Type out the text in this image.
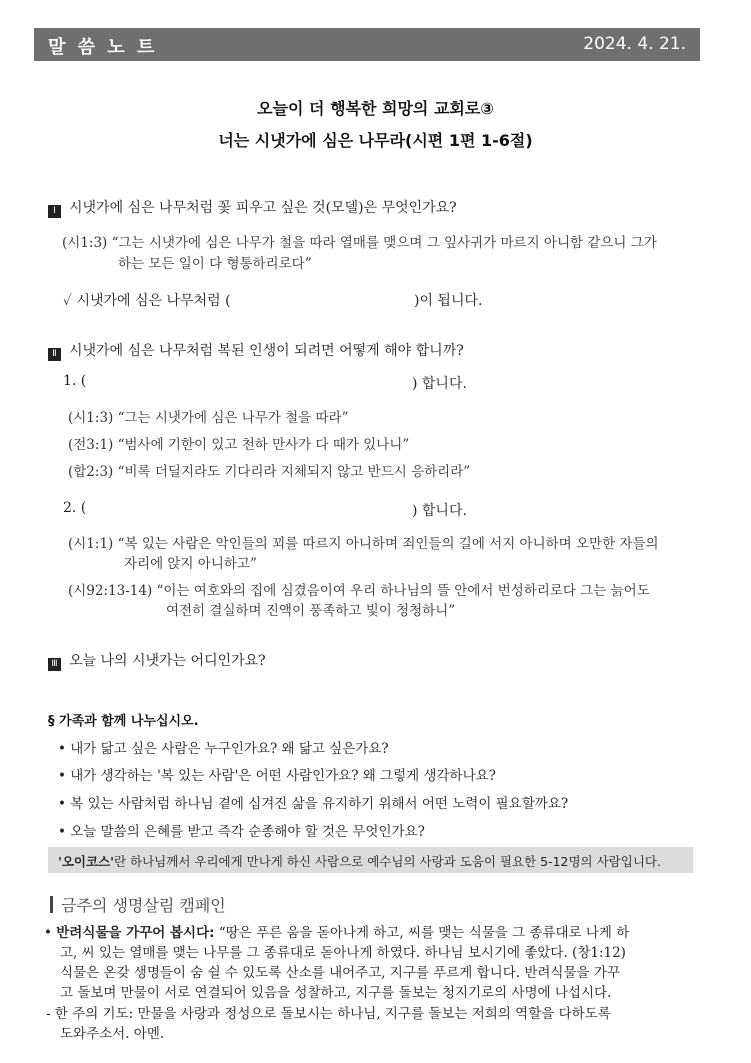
말 씀 노 트	2024. 4. 21.
오늘이 더 행복한 희망의 교회로③
너는 시냇가에 심은 나무라(시편 1편 1-6절)
Ⅰ 시냇가에 심은 나무처럼 꽃 피우고 싶은 것(모델)은 무엇인가요?
(시1:3) “그는 시냇가에 심은 나무가 철을 따라 열매를 맺으며 그 잎사귀가 마르지 아니함 같으니 그가
하는 모든 일이 다 형통하리로다”
✓ 시냇가에 심은 나무처럼 (	)이 됩니다.
Ⅱ 시냇가에 심은 나무처럼 복된 인생이 되려면 어떻게 해야 합니까?
1. (	) 합니다.
(시1:3) “그는 시냇가에 심은 나무가 철을 따라”
(전3:1) “범사에 기한이 있고 천하 만사가 다 때가 있나니”
(합2:3) “비록 더딜지라도 기다리라 지체되지 않고 반드시 응하리라”
2. (	) 합니다.
(시1:1) “복 있는 사람은 악인들의 꾀를 따르지 아니하며 죄인들의 길에 서지 아니하며 오만한 자들의
자리에 앉지 아니하고”
(시92:13-14) “이는 여호와의 집에 심겼음이여 우리 하나님의 뜰 안에서 번성하리로다 그는 늙어도
여전히 결실하며 진액이 풍족하고 빛이 청청하니”
Ⅲ 오늘 나의 시냇가는 어디인가요?
§ 가족과 함께 나누십시오.
• 내가 닮고 싶은 사람은 누구인가요? 왜 닮고 싶은가요?
• 내가 생각하는 '복 있는 사람'은 어떤 사람인가요? 왜 그렇게 생각하나요?
• 복 있는 사람처럼 하나님 곁에 심겨진 삶을 유지하기 위해서 어떤 노력이 필요할까요?
• 오늘 말씀의 은혜를 받고 즉각 순종해야 할 것은 무엇인가요?
'오이코스'란 하나님께서 우리에게 만나게 하신 사람으로 예수님의 사랑과 도움이 필요한 5-12명의 사람입니다.
금주의 생명살림 캠페인
• 반려식물을 가꾸어 봅시다: “땅은 푸른 움을 돋아나게 하고, 씨를 맺는 식물을 그 종류대로 나게 하
고, 씨 있는 열매를 맺는 나무를 그 종류대로 돋아나게 하였다. 하나님 보시기에 좋았다. (창1:12)
식물은 온갖 생명들이 숨 쉴 수 있도록 산소를 내어주고, 지구를 푸르게 합니다. 반려식물을 가꾸
고 돌보며 만물이 서로 연결되어 있음을 성찰하고, 지구를 돌보는 청지기로의 사명에 나섭시다.
- 한 주의 기도: 만물을 사랑과 정성으로 돌보시는 하나님, 지구를 돌보는 저희의 역할을 다하도록
도와주소서. 아멘.
